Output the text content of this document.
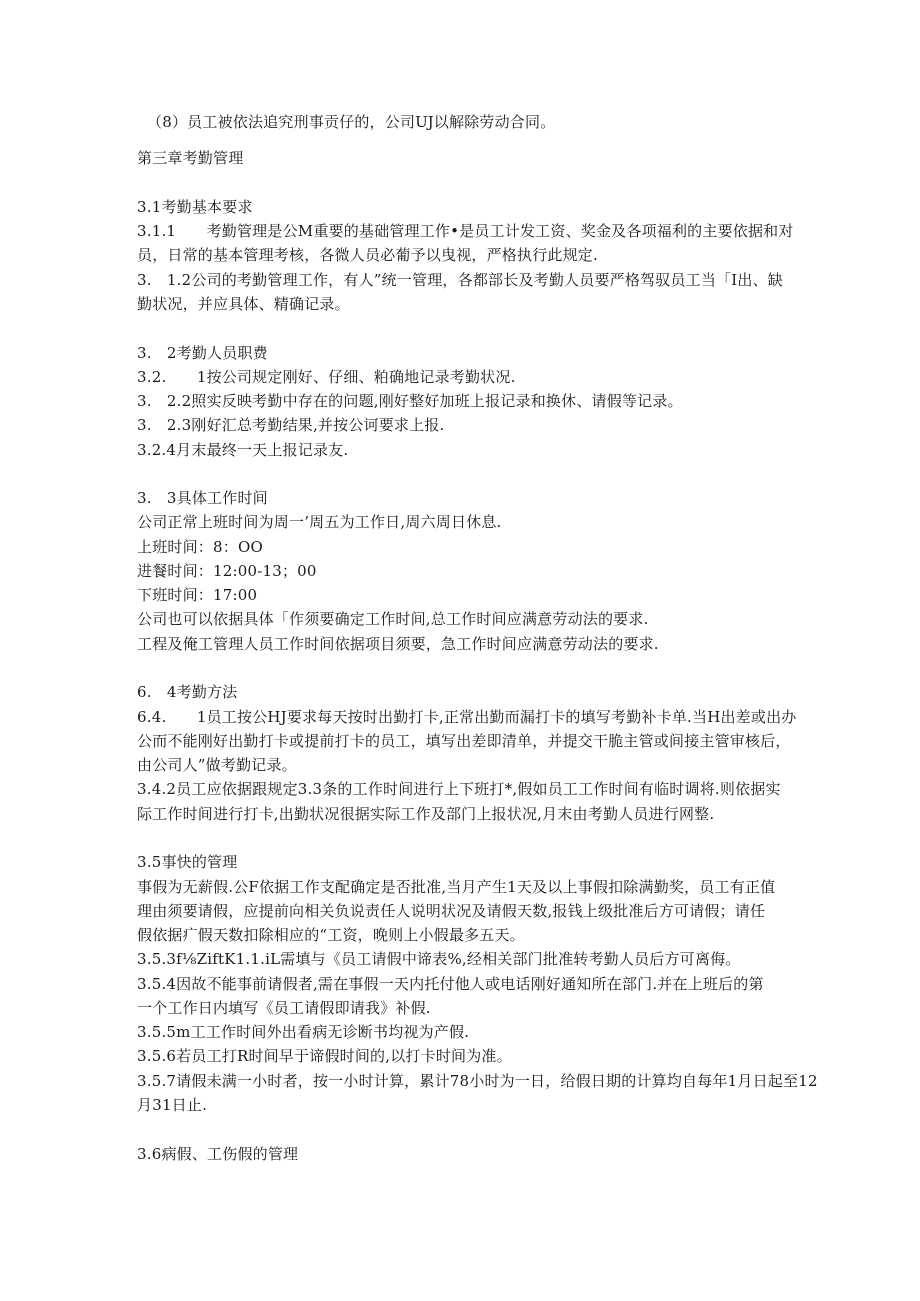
（8）员工被依法追究刑事贡仔的，公司UJ以解除劳动合同。
第三章考勤管理
3.1考勤基本要求
3.1.1　　考勤管理是公M重要的基础管理工作•是员工计发工资、奖金及各项福利的主要依据和对
员，日常的基本管理考核，各微人员必葡予以曳视，严格执行此规定.
3.　1.2公司的考勤管理工作，有人”统一管理，各都部长及考勤人员要严格驾驭员工当「I出、缺
勤状况，并应具体、精确记录。
3.　2考勤人员职费
3.2.　　1按公司规定刚好、仔细、粕确地记录考勤状况.
3.　2.2照实反映考勤中存在的问题,刚好整好加班上报记录和换休、请假等记录。
3.　2.3刚好汇总考勤结果,并按公诃要求上报.
3.2.4月末最终一天上报记录友.
3.　3具体工作时间
公司正常上班时间为周一’周五为工作日,周六周日休息.
上班时间：8：OO
进餐时间：12:00-13；00
下班时间：17:00
公司也可以依据具体「作须要确定工作时间,总工作时间应满意劳动法的要求.
工程及俺工管理人员工作时间依据项目须要，急工作时间应满意劳动法的要求.
6.　4考勤方法
6.4.　　1员工按公HJ要求每天按时出勤打卡,正常出勤而漏打卡的填写考勤补卡单.当H出差或出办
公而不能刚好出勤打卡或提前打卡的员工，填写出差即清单，并提交干脆主管或间接主管审核后，
由公司人”做考勤记录。
3.4.2员工应依据跟规定3.3条的工作时间进行上下班打*,假如员工工作时间有临时调将.则依据实
际工作时间进行打卡,出勤状况很据实际工作及部门上报状况,月末由考勤人员进行网整.
3.5事快的管理
事假为无薪假.公F依据工作支配确定是否批准,当月产生1天及以上事假扣除满勤奖，员工有正值
理由须要请假，应提前向相关负说责任人说明状况及请假天数,报钱上级批准后方可请假；请任
假依据疒假天数扣除相应的“工资，晚则上小假最多五天。
3.5.3f⅛ZiftK1.1.iL需填与《员工请假中谛表%,经相关部门批准转考勤人员后方可离侮。
3.5.4因故不能事前请假者,需在事假一天内托付他人或电话刚好通知所在部门.并在上班后的第
一个工作日内填写《员工请假即请我》补假.
3.5.5m工工作时间外出看病无诊断书均视为产假.
3.5.6若员工打R时间早于谛假时间的,以打卡时间为准。
3.5.7请假未满一小时者，按一小时计算，累计78小时为一日，给假日期的计算均自每年1月日起至12
月31日止.
3.6病假、工伤假的管理
